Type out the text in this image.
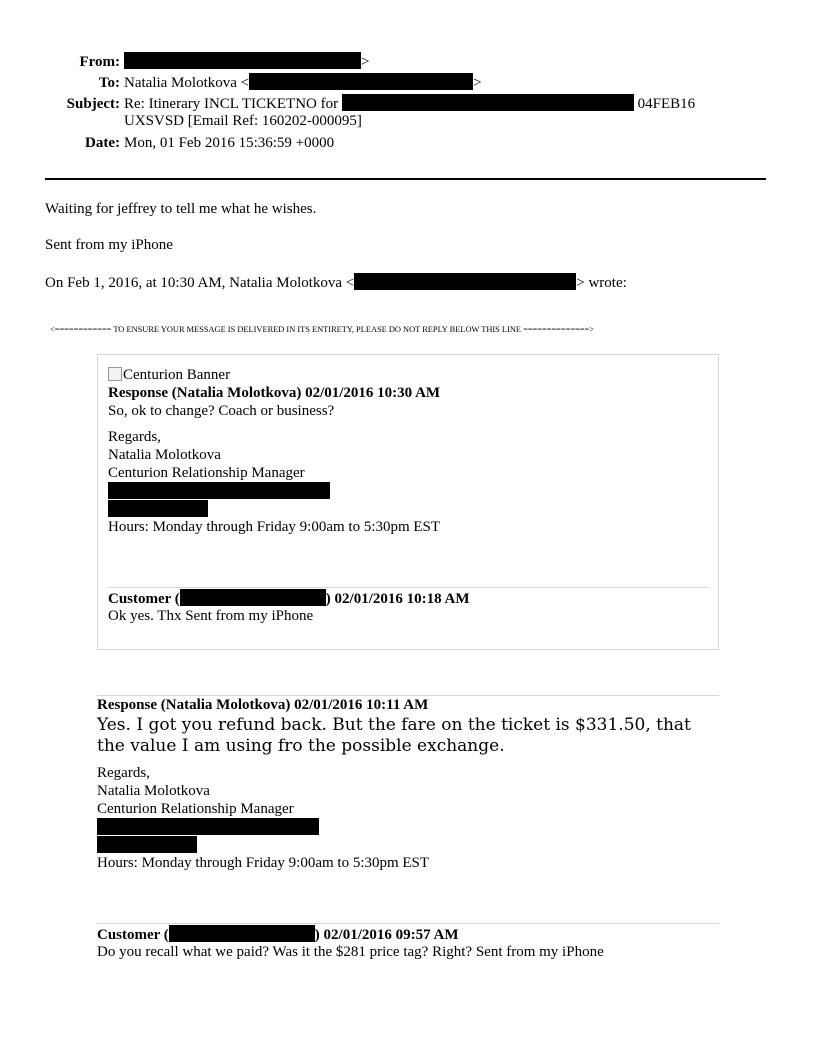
From:	>
To: Natalia Molotkova <	>
Subject: Re: Itinerary INCL TICKETNO for	04FEB16
UXSVSD [Email Ref: 160202-000095]
Date: Mon, 01 Feb 2016 15:36:59 +0000
Waiting for jeffrey to tell me what he wishes.
Sent from my iPhone
On Feb 1, 2016, at 10:30 AM, Natalia Molotkova <	> wrote:
<============ TO ENSURE YOUR MESSAGE IS DELIVERED IN ITS ENTIRETY, PLEASE DO NOT REPLY BELOW THIS LINE ==============>
Centurion Banner
Response (Natalia Molotkova) 02/01/2016 10:30 AM
So, ok to change? Coach or business?
Regards,
Natalia Molotkova
Centurion Relationship Manager
Hours: Monday through Friday 9:00am to 5:30pm EST
Customer (	) 02/01/2016 10:18 AM
Ok yes. Thx Sent from my iPhone
Response (Natalia Molotkova) 02/01/2016 10:11 AM
Yes. I got you refund back. But the fare on the ticket is $331.50, that
the value I am using fro the possible exchange.
Regards,
Natalia Molotkova
Centurion Relationship Manager
Hours: Monday through Friday 9:00am to 5:30pm EST
Customer (	) 02/01/2016 09:57 AM
Do you recall what we paid? Was it the $281 price tag? Right? Sent from my iPhone
